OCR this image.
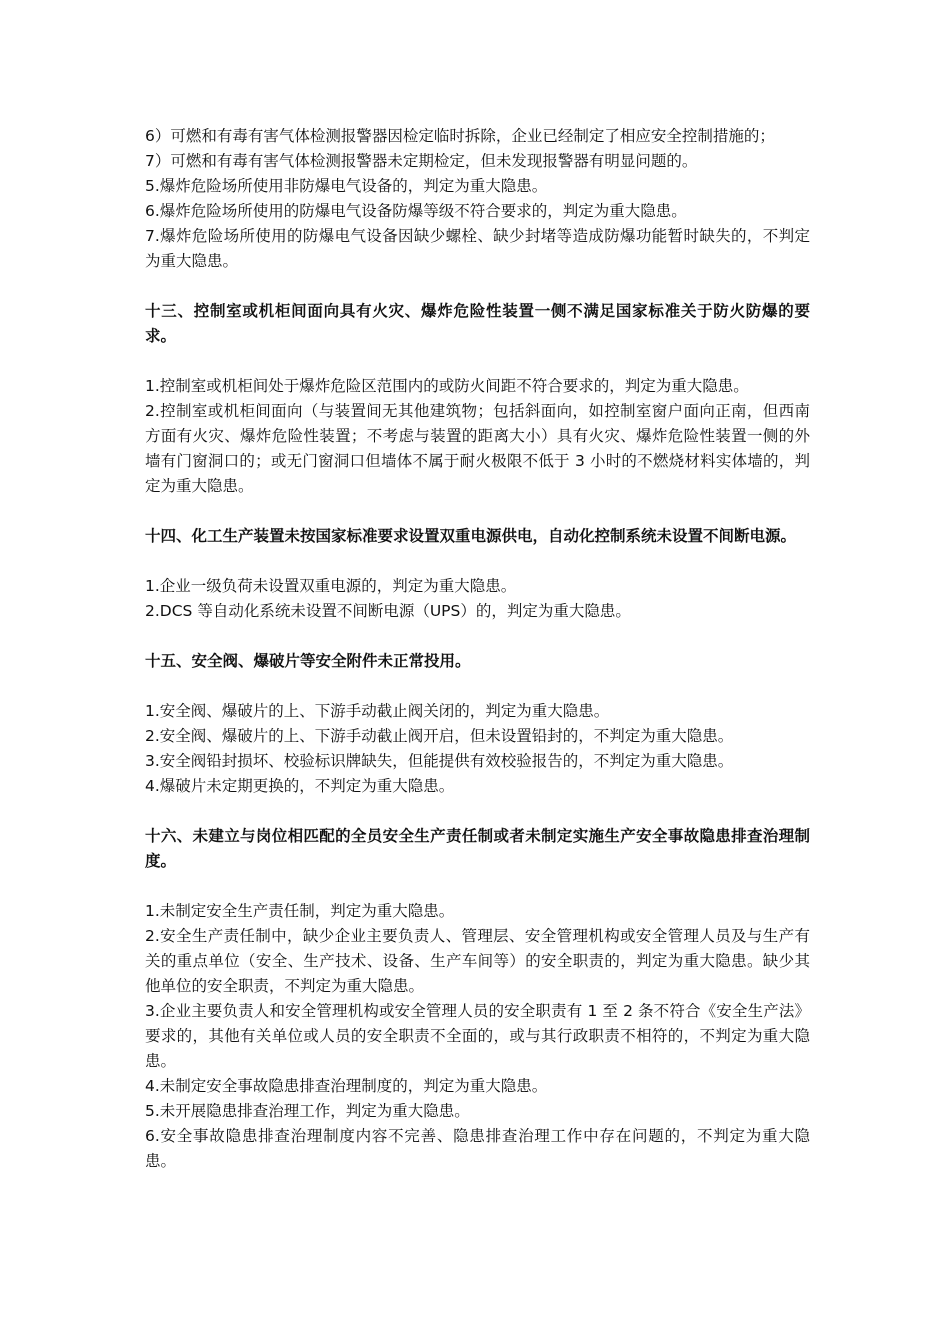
6）可燃和有毒有害气体检测报警器因检定临时拆除，企业已经制定了相应安全控制措施的；

7）可燃和有毒有害气体检测报警器未定期检定，但未发现报警器有明显问题的。

5.爆炸危险场所使用非防爆电气设备的，判定为重大隐患。

6.爆炸危险场所使用的防爆电气设备防爆等级不符合要求的，判定为重大隐患。

7.爆炸危险场所使用的防爆电气设备因缺少螺栓、缺少封堵等造成防爆功能暂时缺失的，不判定为重大隐患。

十三、控制室或机柜间面向具有火灾、爆炸危险性装置一侧不满足国家标准关于防火防爆的要求。

1.控制室或机柜间处于爆炸危险区范围内的或防火间距不符合要求的，判定为重大隐患。

2.控制室或机柜间面向（与装置间无其他建筑物；包括斜面向，如控制室窗户面向正南，但西南方面有火灾、爆炸危险性装置；不考虑与装置的距离大小）具有火灾、爆炸危险性装置一侧的外墙有门窗洞口的；或无门窗洞口但墙体不属于耐火极限不低于 3 小时的不燃烧材料实体墙的，判定为重大隐患。

十四、化工生产装置未按国家标准要求设置双重电源供电，自动化控制系统未设置不间断电源。

1.企业一级负荷未设置双重电源的，判定为重大隐患。

2.DCS 等自动化系统未设置不间断电源（UPS）的，判定为重大隐患。

十五、安全阀、爆破片等安全附件未正常投用。

1.安全阀、爆破片的上、下游手动截止阀关闭的，判定为重大隐患。

2.安全阀、爆破片的上、下游手动截止阀开启，但未设置铅封的，不判定为重大隐患。

3.安全阀铅封损坏、校验标识牌缺失，但能提供有效校验报告的，不判定为重大隐患。

4.爆破片未定期更换的，不判定为重大隐患。

十六、未建立与岗位相匹配的全员安全生产责任制或者未制定实施生产安全事故隐患排查治理制度。

1.未制定安全生产责任制，判定为重大隐患。

2.安全生产责任制中，缺少企业主要负责人、管理层、安全管理机构或安全管理人员及与生产有关的重点单位（安全、生产技术、设备、生产车间等）的安全职责的，判定为重大隐患。缺少其他单位的安全职责，不判定为重大隐患。

3.企业主要负责人和安全管理机构或安全管理人员的安全职责有 1 至 2 条不符合《安全生产法》要求的，其他有关单位或人员的安全职责不全面的，或与其行政职责不相符的，不判定为重大隐患。

4.未制定安全事故隐患排查治理制度的，判定为重大隐患。

5.未开展隐患排查治理工作，判定为重大隐患。

6.安全事故隐患排查治理制度内容不完善、隐患排查治理工作中存在问题的，不判定为重大隐患。
